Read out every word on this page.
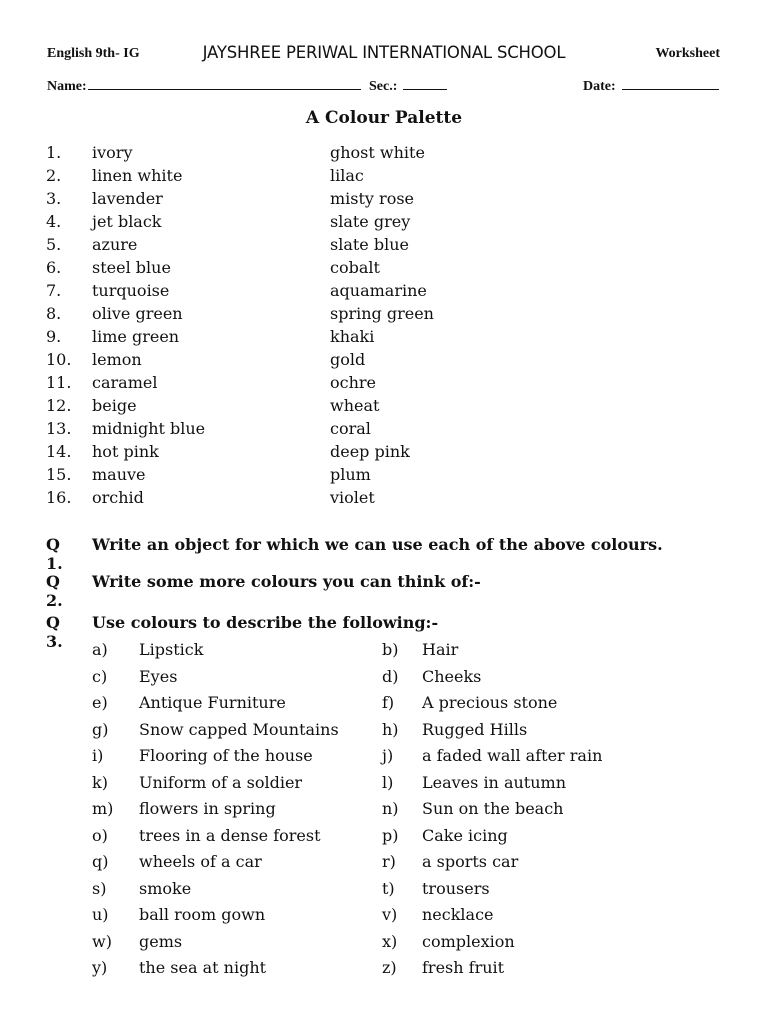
English 9th- IG	JAYSHREE PERIWAL INTERNATIONAL SCHOOL	Worksheet
Name:	Sec.:	Date:
A Colour Palette
1. ivory	ghost white
2. linen white	lilac
3. lavender	misty rose
4. jet black	slate grey
5. azure	slate blue
6. steel blue	cobalt
7. turquoise	aquamarine
8. olive green	spring green
9. lime green	khaki
10. lemon	gold
11. caramel	ochre
12. beige	wheat
13. midnight blue	coral
14. hot pink	deep pink
15. mauve	plum
16. orchid	violet
Q 1.
Write an object for which we can use each of the above colours.
Q 2.
Write some more colours you can think of:-
Q 3.
Use colours to describe the following:-
a) Lipstick	b) Hair
c) Eyes	d) Cheeks
e) Antique Furniture	f) A precious stone
g) Snow capped Mountains	h) Rugged Hills
i) Flooring of the house	j) a faded wall after rain
k) Uniform of a soldier	l) Leaves in autumn
m) flowers in spring	n) Sun on the beach
o) trees in a dense forest	p) Cake icing
q) wheels of a car	r) a sports car
s) smoke	t) trousers
u) ball room gown	v) necklace
w) gems	x) complexion
y) the sea at night	z) fresh fruit
